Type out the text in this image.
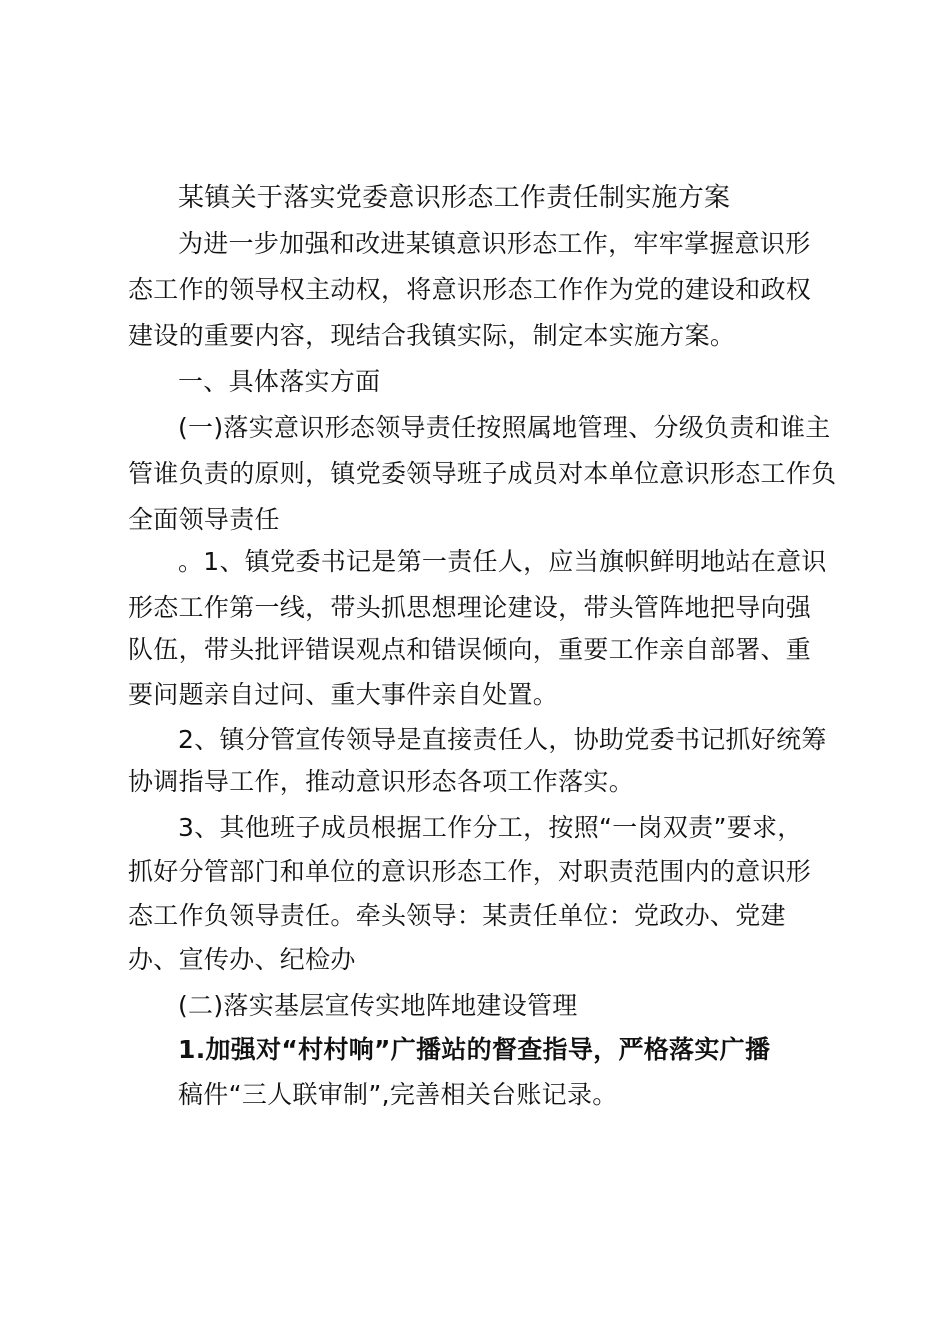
某镇关于落实党委意识形态工作责任制实施方案
为进一步加强和改进某镇意识形态工作，牢牢掌握意识形
态工作的领导权主动权，将意识形态工作作为党的建设和政权
建设的重要内容，现结合我镇实际，制定本实施方案。
一、具体落实方面
(一)落实意识形态领导责任按照属地管理、分级负责和谁主
管谁负责的原则，镇党委领导班子成员对本单位意识形态工作负
全面领导责任
。1、镇党委书记是第一责任人，应当旗帜鲜明地站在意识
形态工作第一线，带头抓思想理论建设，带头管阵地把导向强
队伍，带头批评错误观点和错误倾向，重要工作亲自部署、重
要问题亲自过问、重大事件亲自处置。
2、镇分管宣传领导是直接责任人，协助党委书记抓好统筹
协调指导工作，推动意识形态各项工作落实。
3、其他班子成员根据工作分工，按照“一岗双责”要求，
抓好分管部门和单位的意识形态工作，对职责范围内的意识形
态工作负领导责任。牵头领导：某责任单位：党政办、党建
办、宣传办、纪检办
(二)落实基层宣传实地阵地建设管理
1.加强对“村村响”广播站的督查指导，严格落实广播
稿件“三人联审制”,完善相关台账记录。
